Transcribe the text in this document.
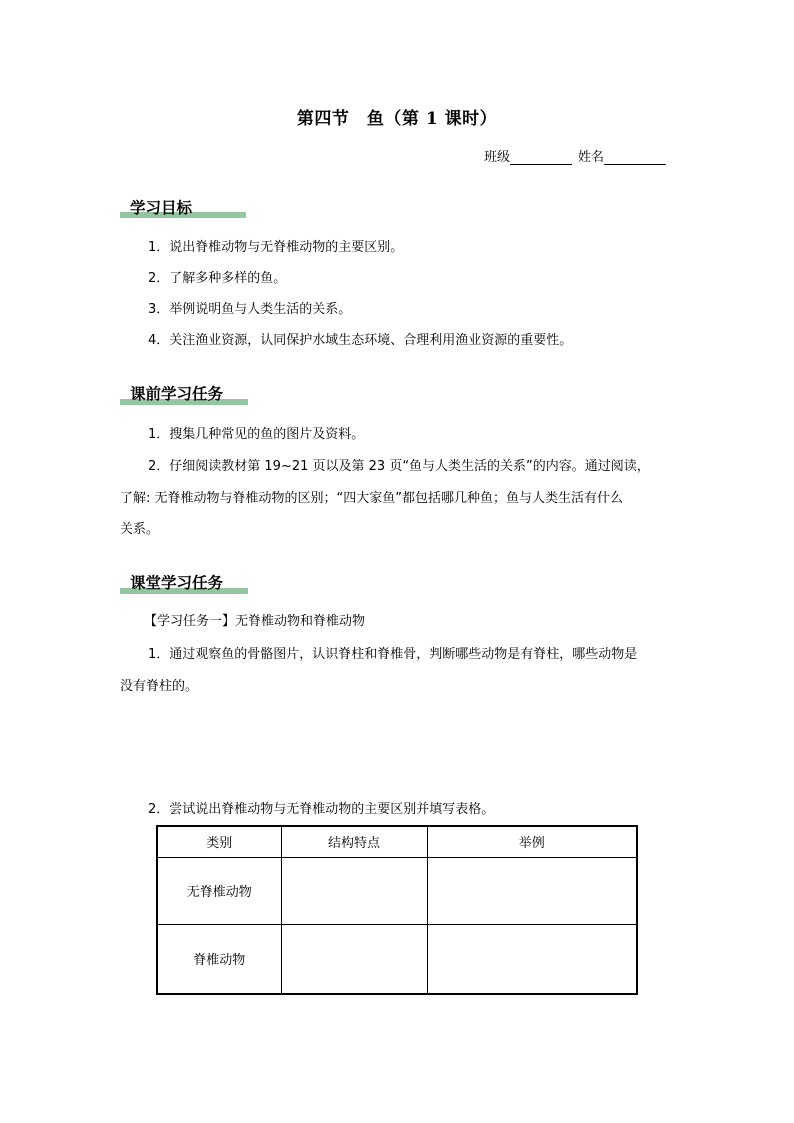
第四节　鱼（第 1 课时）
班级	姓名
学习目标
1．说出脊椎动物与无脊椎动物的主要区别。
2．了解多种多样的鱼。
3．举例说明鱼与人类生活的关系。
4．关注渔业资源，认同保护水域生态环境、合理利用渔业资源的重要性。
课前学习任务
1．搜集几种常见的鱼的图片及资料。
2．仔细阅读教材第 19~21 页以及第 23 页“鱼与人类生活的关系”的内容。通过阅读，
了解: 无脊椎动物与脊椎动物的区别；“四大家鱼”都包括哪几种鱼；鱼与人类生活有什么
关系。
课堂学习任务
【学习任务一】无脊椎动物和脊椎动物
1．通过观察鱼的骨骼图片，认识脊柱和脊椎骨，判断哪些动物是有脊柱，哪些动物是
没有脊柱的。
2．尝试说出脊椎动物与无脊椎动物的主要区别并填写表格。
类别	结构特点	举例
无脊椎动物		
脊椎动物		
